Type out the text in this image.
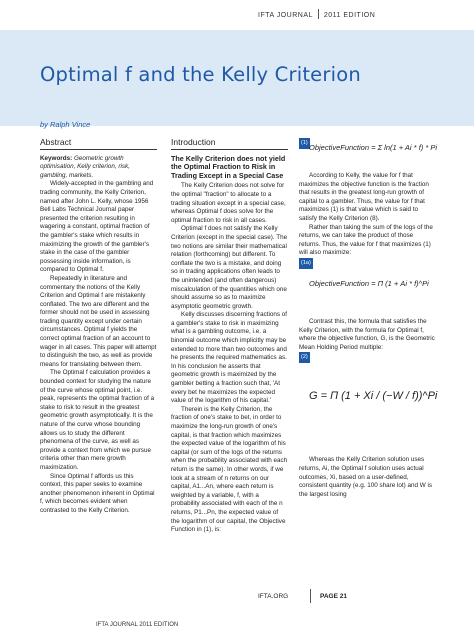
IFTA JOURNAL 2011 EDITION
Optimal f and the Kelly Criterion
by Ralph Vince
Abstract

Keywords: Geometric growth optimisation, Kelly criterion, risk, gambling, markets.

Widely-accepted in the gambling and trading community, the Kelly Criterion, named after John L. Kelly, whose 1956 Bell Labs Technical Journal paper presented the criterion resulting in wagering a constant, optimal fraction of the gambler's stake which results in maximizing the growth of the gambler's stake in the case of the gambler possessing inside information, is compared to Optimal f.

Repeatedly in literature and commentary the notions of the Kelly Criterion and Optimal f are mistakenly conflated. The two are different and the former should not be used in assessing trading quantity except under certain circumstances. Optimal f yields the correct optimal fraction of an account to wager in all cases. This paper will attempt to distinguish the two, as well as provide means for translating between them.

The Optimal f calculation provides a bounded context for studying the nature of the curve whose optimal point, i.e. peak, represents the optimal fraction of a stake to risk to result in the greatest geometric growth asymptotically. It is the nature of the curve whose bounding allows us to study the different phenomena of the curve, as well as provide a context from which we pursue criteria other than mere growth maximization.

Since Optimal f affords us this context, this paper seeks to examine another phenomenon inherent in Optimal f, which becomes evident when contrasted to the Kelly Criterion.

Introduction
The Kelly Criterion does not yield the Optimal Fraction to Risk in Trading Except in a Special Case

The Kelly Criterion does not solve for the optimal "fraction" to allocate to a trading situation except in a special case, whereas Optimal f does solve for the optimal fraction to risk in all cases.

Optimal f does not satisfy the Kelly Criterion (except in the special case). The two notions are similar their mathematical relation (forthcoming) but different. To conflate the two is a mistake, and doing so in trading applications often leads to the unintended (and often dangerous) miscalculation of the quantities which one should assume so as to maximize asymptotic geometric growth.

Kelly discusses discerning fractions of a gambler's stake to risk in maximizing what is a gambling outcome, i.e. a binomial outcome which implicitly may be extended to more than two outcomes and he presents the required mathematics as. In his conclusion he asserts that geometric growth is maximized by the gambler betting a fraction such that, 'At every bet he maximizes the expected value of the logarithm of his capital.'

Therein is the Kelly Criterion, the fraction of one's stake to bet, in order to maximize the long-run growth of one's capital, is that fraction which maximizes the expected value of the logarithm of his capital (or sum of the logs of the returns when the probability associated with each return is the same). In other words, if we look at a stream of n returns on our capital, A1...An, where each return is weighted by a variable, f, with a probability associated with each of the n returns, P1...Pn, the expected value of the logarithm of our capital, the Objective Function in (1), is:

(1) ObjectiveFunction = Σ ln(1 + Ai * f) * Pi

According to Kelly, the value for f that maximizes the objective function is the fraction that results in the greatest long-run growth of capital to a gambler. Thus, the value for f that maximizes (1) is that value which is said to satisfy the Kelly Criterion (8).

Rather than taking the sum of the logs of the returns, we can take the product of those returns. Thus, the value for f that maximizes (1) will also maximize:

(1a)
ObjectiveFunction = Π (1 + Ai * f)^Pi

Contrast this, the formula that satisfies the Kelly Criterion, with the formula for Optimal f, where the objective function, G, is the Geometric Mean Holding Period multiple:

(2)
G = Π (1 + Xi / (−W / f))^Pi

Whereas the Kelly Criterion solution uses returns, Ai, the Optimal f solution uses actual outcomes, Xi, based on a user-defined, consistent quantity (e.g. 100 share lot) and W is the largest losing

IFTA.ORG	PAGE 21
IFTA JOURNAL 2011 EDITION
